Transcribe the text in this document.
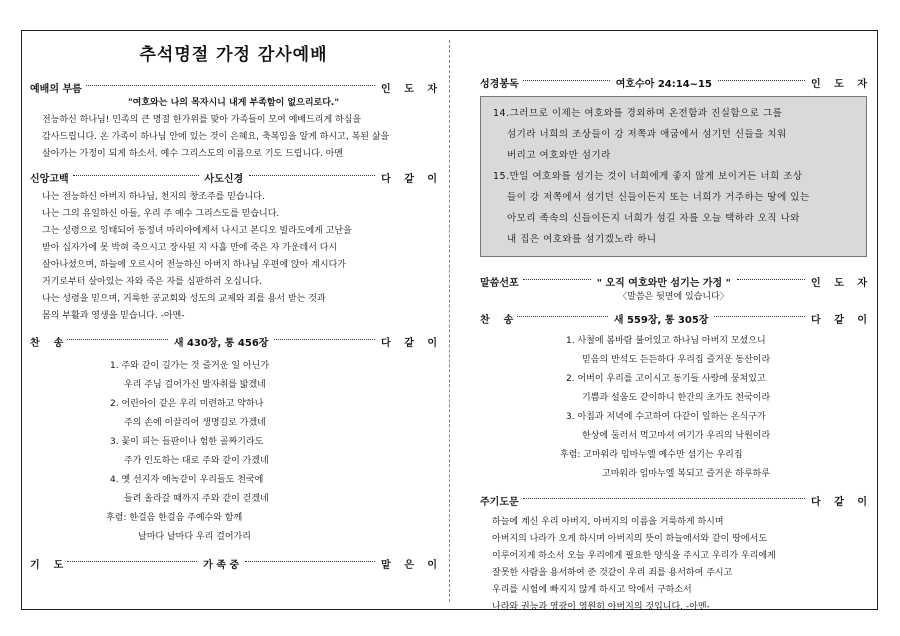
추석명절 가정 감사예배
예배의 부름	인 도 자
"여호와는 나의 목자시니 내게 부족함이 없으리로다."
전능하신 하나님! 민족의 큰 명절 한가위를 맞아 가족들이 모여 예배드리게 하심을
감사드립니다. 온 가족이 하나님 안에 있는 것이 은혜요, 축복임을 알게 하시고, 복된 삶을
살아가는 가정이 되게 하소서. 예수 그리스도의 이름으로 기도 드립니다. 아멘
신앙고백	사도신경	다 같 이
나는 전능하신 아버지 하나님, 천지의 창조주를 믿습니다.
나는 그의 유일하신 아들, 우리 주 예수 그리스도를 믿습니다.
그는 성령으로 잉태되어 동정녀 마리아에게서 나시고 본디오 빌라도에게 고난을
받아 십자가에 못 박혀 죽으시고 장사된 지 사흘 만에 죽은 자 가운데서 다시
살아나셨으며, 하늘에 오르시어 전능하신 아버지 하나님 우편에 앉아 계시다가
거기로부터 살아있는 자와 죽은 자를 심판하러 오십니다.
나는 성령을 믿으며, 거룩한 공교회와 성도의 교제와 죄를 용서 받는 것과
몸의 부활과 영생을 믿습니다. -아멘-
찬    송	새 430장, 통 456장	다 같 이
1. 주와 같이 길가는 것 즐거운 일 아닌가
우리 주님 걸어가신 발자취를 밟겠네
2. 어린아이 같은 우리 미련하고 약하나
주의 손에 이끌리어 생명길로 가겠네
3. 꽃이 피는 들판이나 험한 골짜기라도
주가 인도하는 대로 주와 같이 가겠네
4. 옛 선지자 에녹같이 우리들도 천국에
들려 올라갈 때까지 주와 같이 걷겠네
후렴: 한걸음 한걸음 주예수와 함께
날마다 날마다 우리 걸어가리
기    도	가 족 중	맡 은 이
성경봉독	여호수아 24:14~15	인 도 자
14.그러므로 이제는 여호와를 경외하며 온전함과 진실함으로 그를
섬기라 너희의 조상들이 강 저쪽과 애굽에서 섬기던 신들을 치워
버리고 여호와만 섬기라
15.만일 여호와를 섬기는 것이 너희에게 좋지 않게 보이거든 너희 조상
들이 강 저쪽에서 섬기던 신들이든지 또는 너희가 거주하는 땅에 있는
아모리 족속의 신들이든지 너희가 섬길 자를 오늘 택하라 오직 나와
내 집은 여호와를 섬기겠노라 하니
말씀선포	" 오직 여호와만 섬기는 가정 "	인 도 자
〈말씀은 뒷면에 있습니다〉
찬    송	새 559장, 통 305장	다 같 이
1. 사철에 봄바람 불어있고 하나님 아버지 모셨으니
믿음의 반석도 든든하다 우리집 즐거운 동산이라
2. 어버이 우리를 고이시고 동기들 사랑에 뭉쳐있고
기쁨과 설움도 같이하니 한간의 초가도 천국이라
3. 아침과 저녁에 수고하여 다같이 일하는 온식구가
한상에 둘러서 먹고마셔 여기가 우리의 낙원이라
후렴: 고마워라 임마누엘 예수만 섬기는 우리집
고마워라 임마누엘 복되고 즐거운 하루하루
주기도문	다 같 이
하늘에 계신 우리 아버지, 아버지의 이름을 거룩하게 하시며
아버지의 나라가 오게 하시며 아버지의 뜻이 하늘에서와 같이 땅에서도
이루어지게 하소서 오늘 우리에게 필요한 양식을 주시고 우리가 우리에게
잘못한 사람을 용서하여 준 것같이 우리 죄를 용서하여 주시고
우리를 시험에 빠지지 않게 하시고 악에서 구하소서
나라와 권능과 영광이 영원히 아버지의 것입니다. -아멘-
